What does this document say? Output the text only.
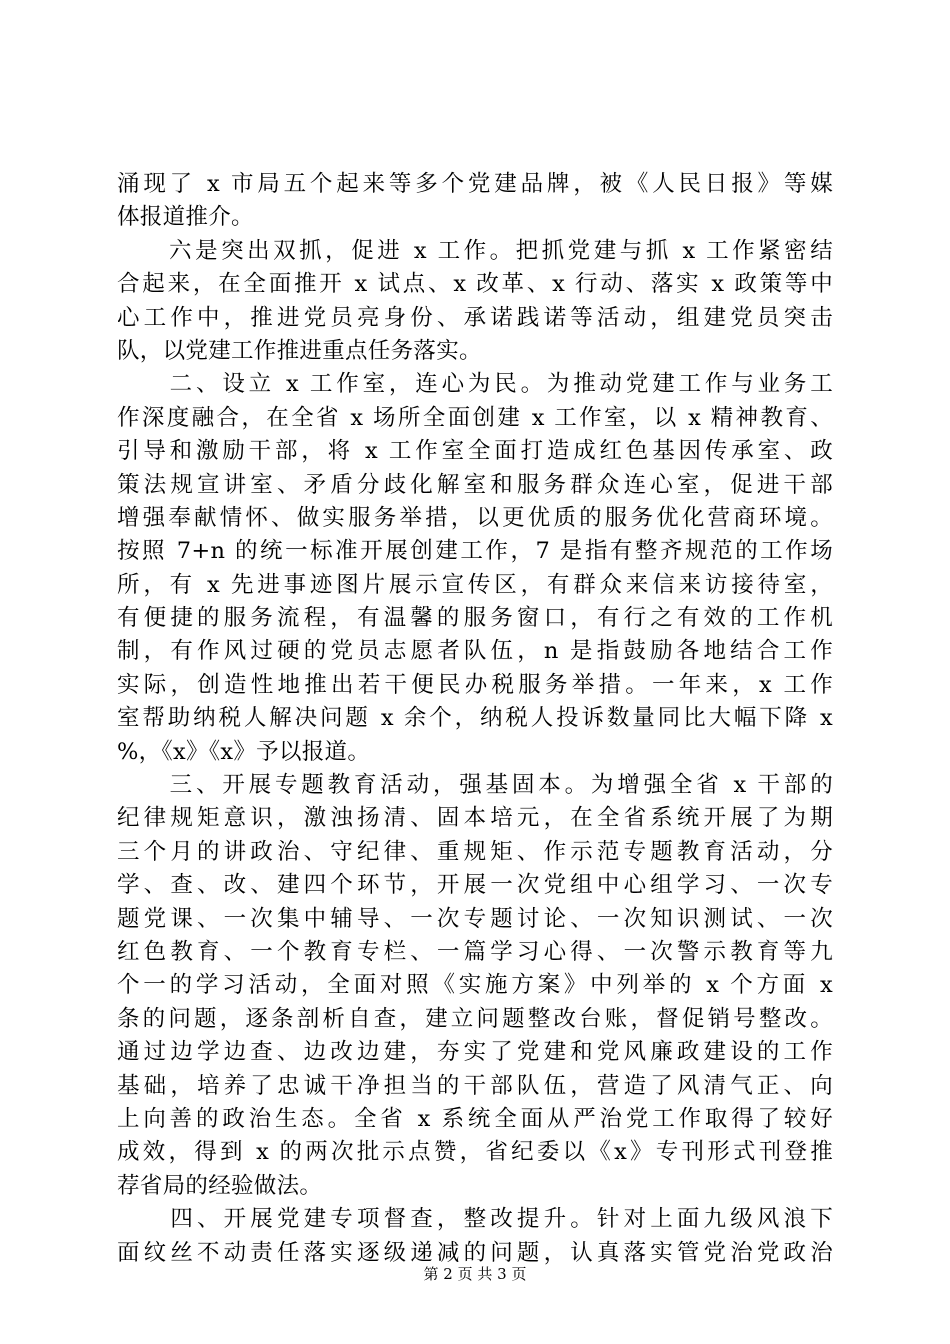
涌现了 x 市局五个起来等多个党建品牌，被《人民日报》等媒
体报道推介。
　　六是突出双抓，促进 x 工作。把抓党建与抓 x 工作紧密结
合起来，在全面推开 x 试点、x 改革、x 行动、落实 x 政策等中
心工作中，推进党员亮身份、承诺践诺等活动，组建党员突击
队，以党建工作推进重点任务落实。
　　二、设立 x 工作室，连心为民。为推动党建工作与业务工
作深度融合，在全省 x 场所全面创建 x 工作室，以 x 精神教育、
引导和激励干部，将 x 工作室全面打造成红色基因传承室、政
策法规宣讲室、矛盾分歧化解室和服务群众连心室，促进干部
增强奉献情怀、做实服务举措，以更优质的服务优化营商环境。
按照 7+n 的统一标准开展创建工作，7 是指有整齐规范的工作场
所，有 x 先进事迹图片展示宣传区，有群众来信来访接待室，
有便捷的服务流程，有温馨的服务窗口，有行之有效的工作机
制，有作风过硬的党员志愿者队伍，n 是指鼓励各地结合工作
实际，创造性地推出若干便民办税服务举措。一年来，x 工作
室帮助纳税人解决问题 x 余个，纳税人投诉数量同比大幅下降 x
%，《x》《x》予以报道。
　　三、开展专题教育活动，强基固本。为增强全省 x 干部的
纪律规矩意识，激浊扬清、固本培元，在全省系统开展了为期
三个月的讲政治、守纪律、重规矩、作示范专题教育活动，分
学、查、改、建四个环节，开展一次党组中心组学习、一次专
题党课、一次集中辅导、一次专题讨论、一次知识测试、一次
红色教育、一个教育专栏、一篇学习心得、一次警示教育等九
个一的学习活动，全面对照《实施方案》中列举的 x 个方面 x
条的问题，逐条剖析自查，建立问题整改台账，督促销号整改。
通过边学边查、边改边建，夯实了党建和党风廉政建设的工作
基础，培养了忠诚干净担当的干部队伍，营造了风清气正、向
上向善的政治生态。全省 x 系统全面从严治党工作取得了较好
成效，得到 x 的两次批示点赞，省纪委以《x》专刊形式刊登推
荐省局的经验做法。
　　四、开展党建专项督查，整改提升。针对上面九级风浪下
面纹丝不动责任落实逐级递减的问题，认真落实管党治党政治
第 2 页 共 3 页
